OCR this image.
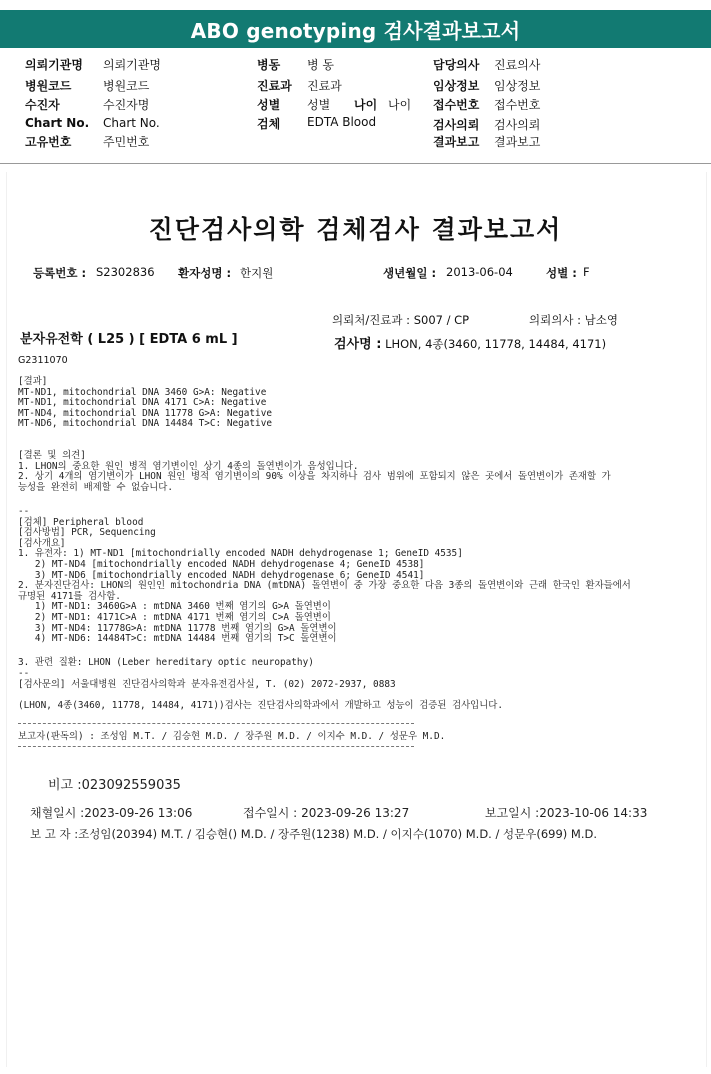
ABO genotyping 검사결과보고서
의뢰기관명 의뢰기관명
병원코드	병원코드
수진자	수진자명
Chart No. Chart No.
고유번호	주민번호
병동 병 동
진료과 진료과
성별 성별 나이 나이
검체 EDTA Blood
담당의사 진료의사
임상정보 임상정보
접수번호 접수번호
검사의뢰 검사의뢰
결과보고 결과보고
진단검사의학 검체검사 결과보고서
등록번호 : S2302836 환자성명 : 한지원	생년월일 : 2013-06-04	성별 : F
의뢰처/진료과 : S007 / CP	의뢰의사 : 남소영
분자유전학 ( L25 ) [ EDTA 6 mL ]	검사명 : LHON, 4종(3460, 11778, 14484, 4171)
G2311070
[결과]
MT-ND1, mitochondrial DNA 3460 G>A: Negative
MT-ND1, mitochondrial DNA 4171 C>A: Negative
MT-ND4, mitochondrial DNA 11778 G>A: Negative
MT-ND6, mitochondrial DNA 14484 T>C: Negative
[결론 및 의견]
1. LHON의 중요한 원인 병적 염기변이인 상기 4종의 돌연변이가 음성입니다.
2. 상기 4개의 염기변이가 LHON 원인 병적 염기변이의 90% 이상을 차지하나 검사 범위에 포함되지 않은 곳에서 돌연변이가 존재할 가
능성을 완전히 배제할 수 없습니다.
--
[검체] Peripheral blood
[검사방법] PCR, Sequencing
[검사개요]
1. 유전자: 1) MT-ND1 [mitochondrially encoded NADH dehydrogenase 1; GeneID 4535]
2) MT-ND4 [mitochondrially encoded NADH dehydrogenase 4; GeneID 4538]
3) MT-ND6 [mitochondrially encoded NADH dehydrogenase 6; GeneID 4541]
2. 분자진단검사: LHON의 원인인 mitochondria DNA (mtDNA) 돌연변이 중 가장 중요한 다음 3종의 돌연변이와 근래 한국인 환자들에서
규명된 4171를 검사함.
1) MT-ND1: 3460G>A : mtDNA 3460 번째 염기의 G>A 돌연변이
2) MT-ND1: 4171C>A : mtDNA 4171 번째 염기의 C>A 돌연변이
3) MT-ND4: 11778G>A: mtDNA 11778 번째 염기의 G>A 돌연변이
4) MT-ND6: 14484T>C: mtDNA 14484 번째 염기의 T>C 돌연변이
3. 관련 질환: LHON (Leber hereditary optic neuropathy)
--
[검사문의] 서울대병원 진단검사의학과 분자유전검사실, T. (02) 2072-2937, 0883
(LHON, 4종(3460, 11778, 14484, 4171))검사는 진단검사의학과에서 개발하고 성능이 검증된 검사입니다.
보고자(판독의) : 조성임 M.T. / 김승현 M.D. / 장주원 M.D. / 이지수 M.D. / 성문우 M.D.
비고 :023092559035
채혈일시 :2023-09-26 13:06	접수일시 : 2023-09-26 13:27	보고일시 :2023-10-06 14:33
보 고 자 :조성임(20394) M.T. / 김승현() M.D. / 장주원(1238) M.D. / 이지수(1070) M.D. / 성문우(699) M.D.
